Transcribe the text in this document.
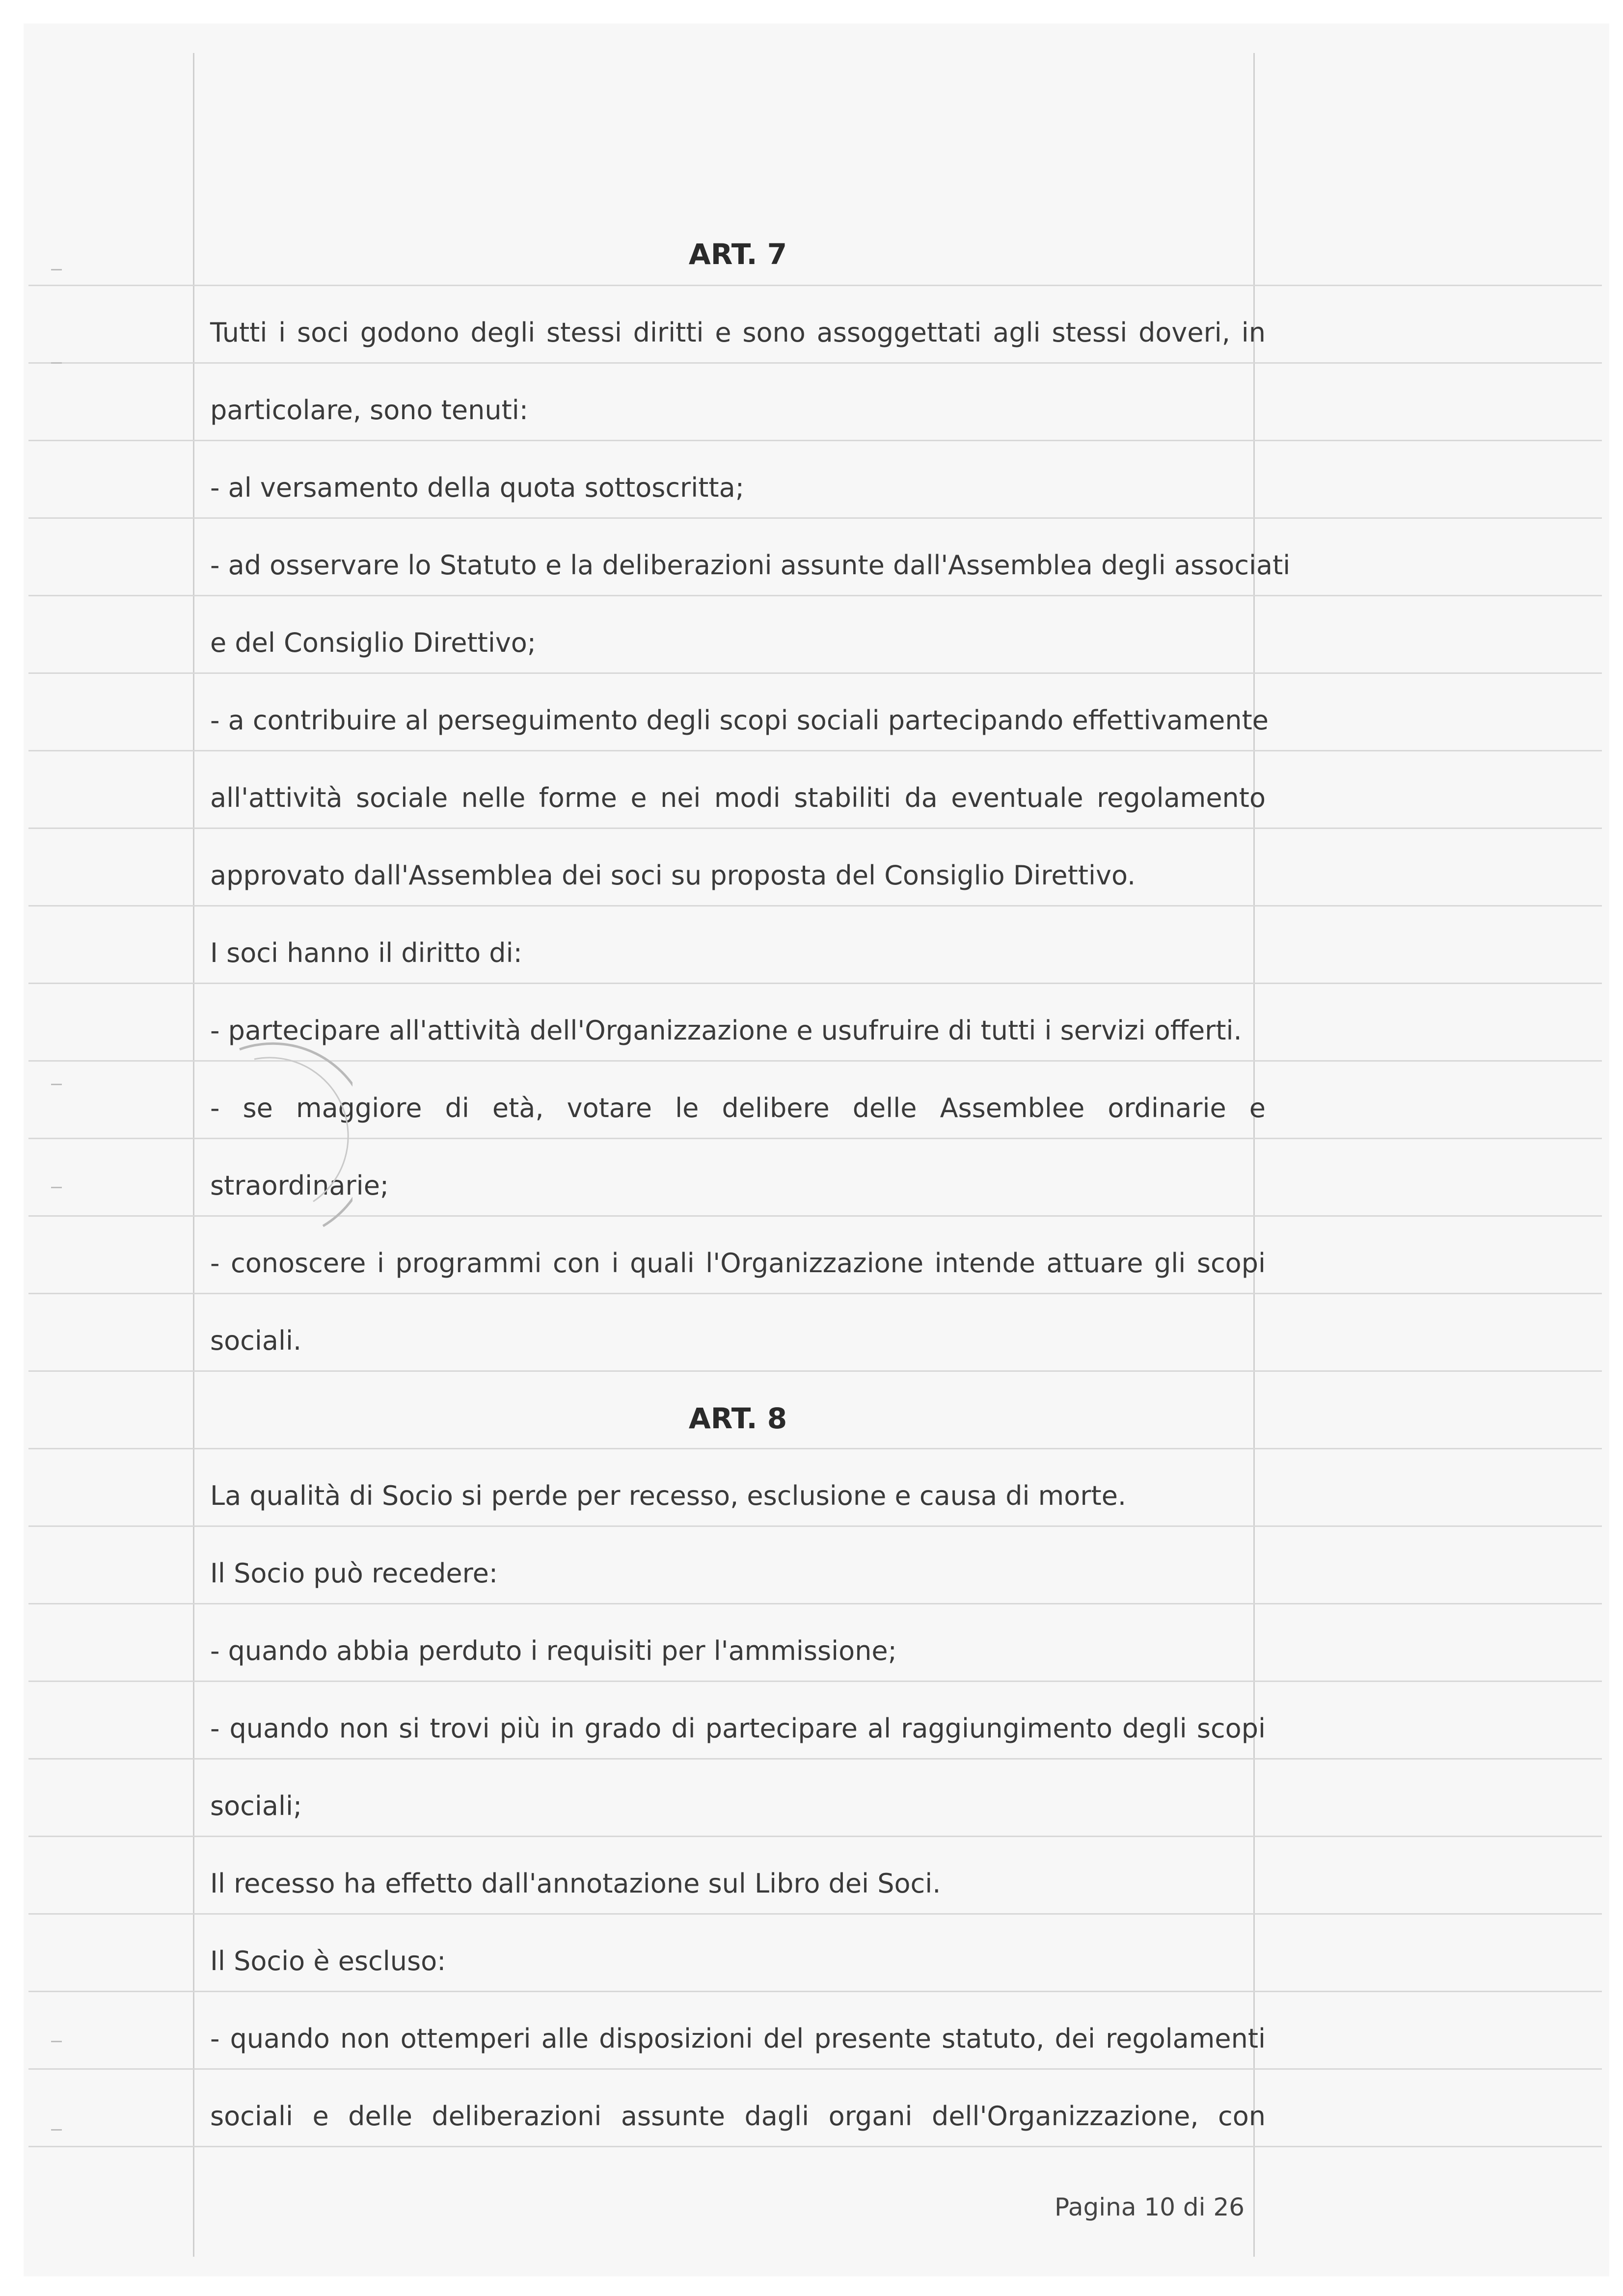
ART. 7
Tutti i soci godono degli stessi diritti e sono assoggettati agli stessi doveri, in
particolare, sono tenuti:
- al versamento della quota sottoscritta;
- ad osservare lo Statuto e la deliberazioni assunte dall'Assemblea degli associati
e del Consiglio Direttivo;
- a contribuire al perseguimento degli scopi sociali partecipando effettivamente
all'attività sociale nelle forme e nei modi stabiliti da eventuale regolamento
approvato dall'Assemblea dei soci su proposta del Consiglio Direttivo.
I soci hanno il diritto di:
- partecipare all'attività dell'Organizzazione e usufruire di tutti i servizi offerti.
- se maggiore di età, votare le delibere delle Assemblee ordinarie e
straordinarie;
- conoscere i programmi con i quali l'Organizzazione intende attuare gli scopi
sociali.
ART. 8
La qualità di Socio si perde per recesso, esclusione e causa di morte.
Il Socio può recedere:
- quando abbia perduto i requisiti per l'ammissione;
- quando non si trovi più in grado di partecipare al raggiungimento degli scopi
sociali;
Il recesso ha effetto dall'annotazione sul Libro dei Soci.
Il Socio è escluso:
- quando non ottemperi alle disposizioni del presente statuto, dei regolamenti
sociali e delle deliberazioni assunte dagli organi dell'Organizzazione, con
Pagina 10 di 26
